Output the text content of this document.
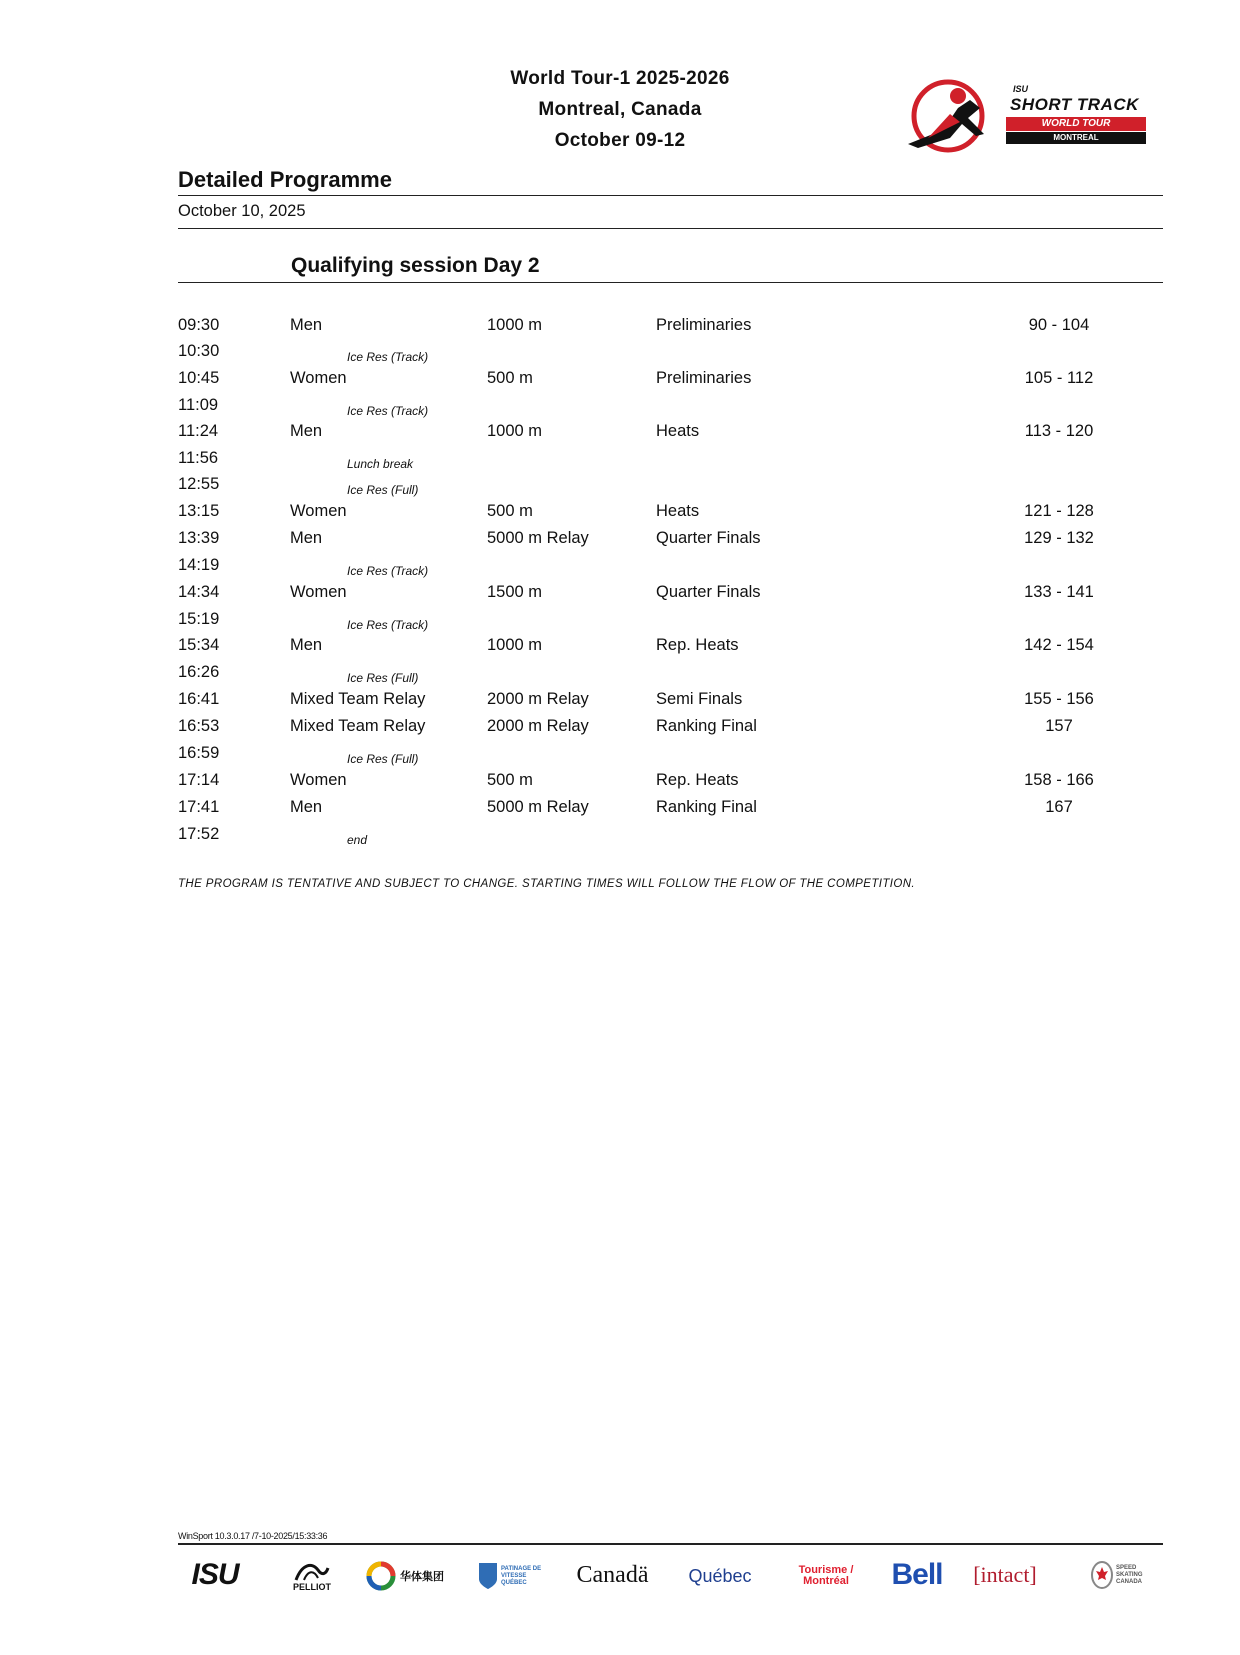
World Tour-1 2025-2026
Montreal, Canada
October 09-12
ISU
SHORT TRACK
WORLD TOUR
MONTREAL
Detailed Programme
October 10, 2025
Qualifying session Day 2
09:30	Men	1000 m	Preliminaries	90 - 104
10:30	Ice Res (Track)
10:45	Women	500 m	Preliminaries	105 - 112
11:09	Ice Res (Track)
11:24	Men	1000 m	Heats	113 - 120
11:56	Lunch break
12:55	Ice Res (Full)
13:15	Women	500 m	Heats	121 - 128
13:39	Men	5000 m Relay	Quarter Finals	129 - 132
14:19	Ice Res (Track)
14:34	Women	1500 m	Quarter Finals	133 - 141
15:19	Ice Res (Track)
15:34	Men	1000 m	Rep. Heats	142 - 154
16:26	Ice Res (Full)
16:41	Mixed Team Relay	2000 m Relay	Semi Finals	155 - 156
16:53	Mixed Team Relay	2000 m Relay	Ranking Final	157
16:59	Ice Res (Full)
17:14	Women	500 m	Rep. Heats	158 - 166
17:41	Men	5000 m Relay	Ranking Final	167
17:52	end
THE PROGRAM IS TENTATIVE AND SUBJECT TO CHANGE. STARTING TIMES WILL FOLLOW THE FLOW OF THE COMPETITION.
WinSport 10.3.0.17 /7-10-2025/15:33:36
ISU	PELLIOT
华体集团
PATINAGE DE VITESSE QUÉBEC	Canadä	Québec	Tourisme /
Montréal Bell [intact]	SPEED SKATING CANADA
